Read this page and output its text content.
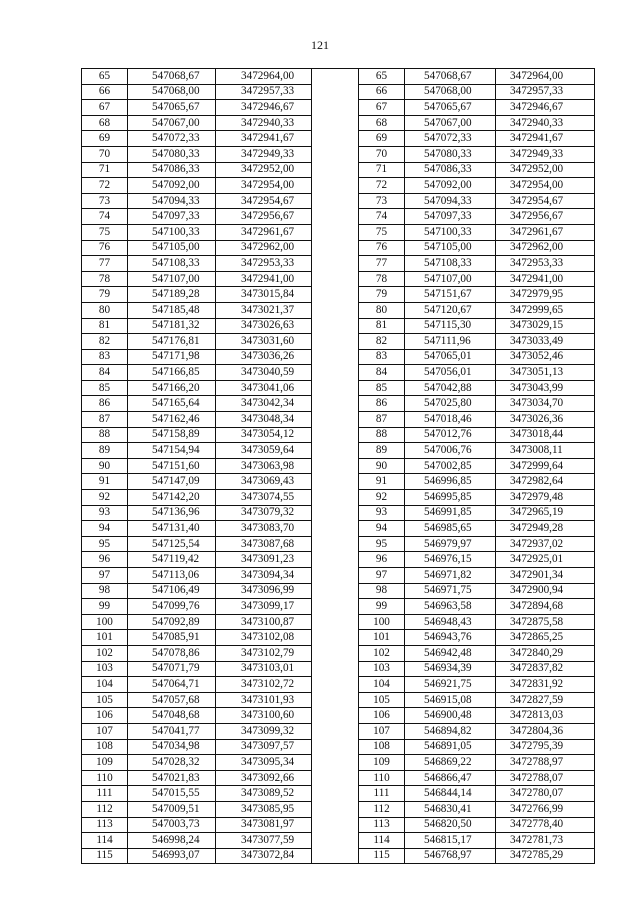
121
65	547068,67	3472964,00		65	547068,67	3472964,00
66	547068,00	3472957,33		66	547068,00	3472957,33
67	547065,67	3472946,67		67	547065,67	3472946,67
68	547067,00	3472940,33		68	547067,00	3472940,33
69	547072,33	3472941,67		69	547072,33	3472941,67
70	547080,33	3472949,33		70	547080,33	3472949,33
71	547086,33	3472952,00		71	547086,33	3472952,00
72	547092,00	3472954,00		72	547092,00	3472954,00
73	547094,33	3472954,67		73	547094,33	3472954,67
74	547097,33	3472956,67		74	547097,33	3472956,67
75	547100,33	3472961,67		75	547100,33	3472961,67
76	547105,00	3472962,00		76	547105,00	3472962,00
77	547108,33	3472953,33		77	547108,33	3472953,33
78	547107,00	3472941,00		78	547107,00	3472941,00
79	547189,28	3473015,84		79	547151,67	3472979,95
80	547185,48	3473021,37		80	547120,67	3472999,65
81	547181,32	3473026,63		81	547115,30	3473029,15
82	547176,81	3473031,60		82	547111,96	3473033,49
83	547171,98	3473036,26		83	547065,01	3473052,46
84	547166,85	3473040,59		84	547056,01	3473051,13
85	547166,20	3473041,06		85	547042,88	3473043,99
86	547165,64	3473042,34		86	547025,80	3473034,70
87	547162,46	3473048,34		87	547018,46	3473026,36
88	547158,89	3473054,12		88	547012,76	3473018,44
89	547154,94	3473059,64		89	547006,76	3473008,11
90	547151,60	3473063,98		90	547002,85	3472999,64
91	547147,09	3473069,43		91	546996,85	3472982,64
92	547142,20	3473074,55		92	546995,85	3472979,48
93	547136,96	3473079,32		93	546991,85	3472965,19
94	547131,40	3473083,70		94	546985,65	3472949,28
95	547125,54	3473087,68		95	546979,97	3472937,02
96	547119,42	3473091,23		96	546976,15	3472925,01
97	547113,06	3473094,34		97	546971,82	3472901,34
98	547106,49	3473096,99		98	546971,75	3472900,94
99	547099,76	3473099,17		99	546963,58	3472894,68
100	547092,89	3473100,87		100	546948,43	3472875,58
101	547085,91	3473102,08		101	546943,76	3472865,25
102	547078,86	3473102,79		102	546942,48	3472840,29
103	547071,79	3473103,01		103	546934,39	3472837,82
104	547064,71	3473102,72		104	546921,75	3472831,92
105	547057,68	3473101,93		105	546915,08	3472827,59
106	547048,68	3473100,60		106	546900,48	3472813,03
107	547041,77	3473099,32		107	546894,82	3472804,36
108	547034,98	3473097,57		108	546891,05	3472795,39
109	547028,32	3473095,34		109	546869,22	3472788,97
110	547021,83	3473092,66		110	546866,47	3472788,07
111	547015,55	3473089,52		111	546844,14	3472780,07
112	547009,51	3473085,95		112	546830,41	3472766,99
113	547003,73	3473081,97		113	546820,50	3472778,40
114	546998,24	3473077,59		114	546815,17	3472781,73
115	546993,07	3473072,84		115	546768,97	3472785,29
